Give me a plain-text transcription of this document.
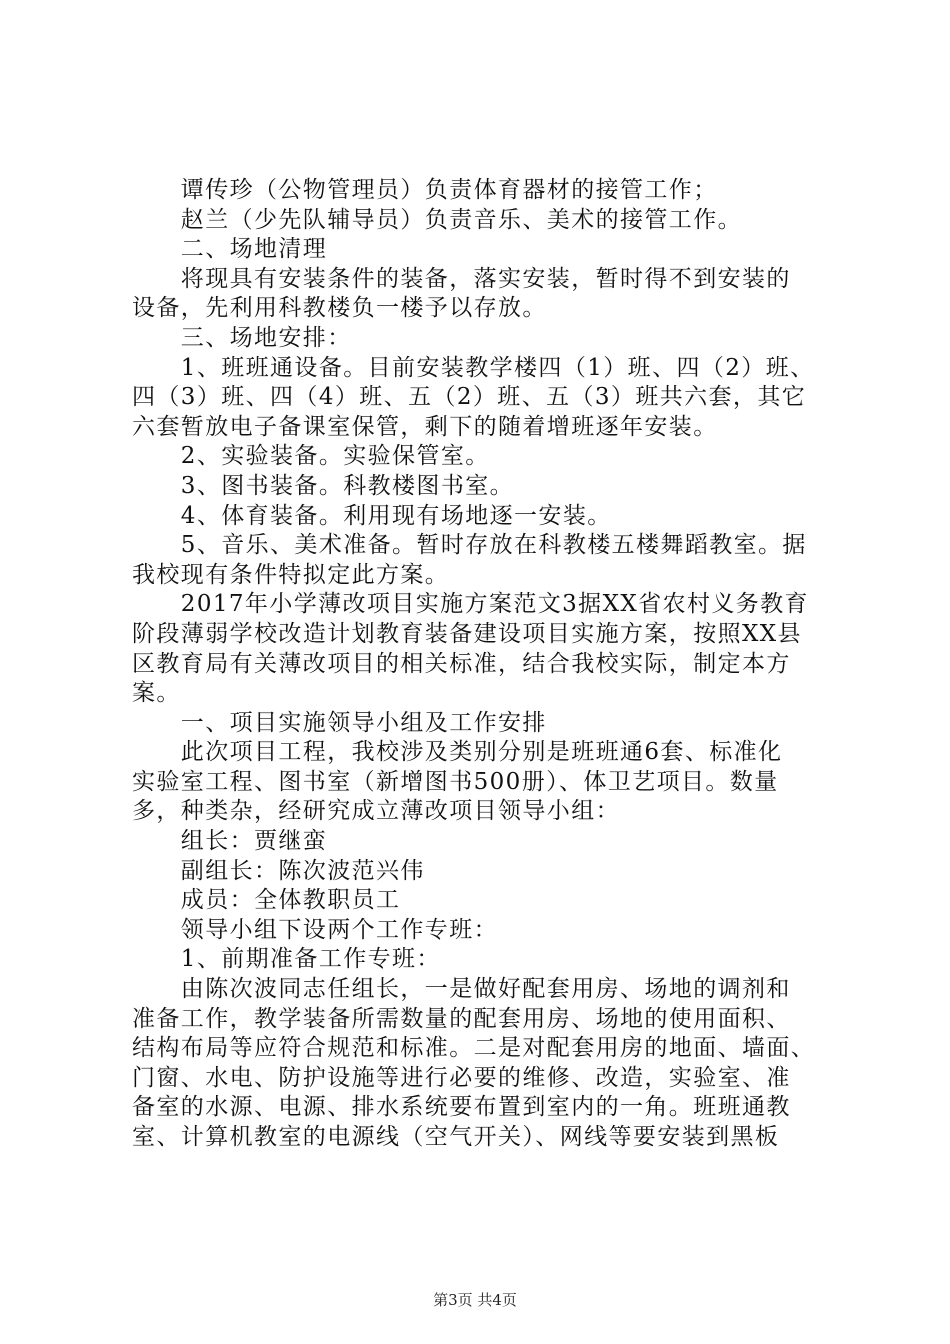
　　谭传珍（公物管理员）负责体育器材的接管工作；

　　赵兰（少先队辅导员）负责音乐、美术的接管工作。

　　二、场地清理

　　将现具有安装条件的装备，落实安装，暂时得不到安装的

设备，先利用科教楼负一楼予以存放。

　　三、场地安排：

　　1、班班通设备。目前安装教学楼四（1）班、四（2）班、

四（3）班、四（4）班、五（2）班、五（3）班共六套，其它

六套暂放电子备课室保管，剩下的随着增班逐年安装。

　　2、实验装备。实验保管室。

　　3、图书装备。科教楼图书室。

　　4、体育装备。利用现有场地逐一安装。

　　5、音乐、美术准备。暂时存放在科教楼五楼舞蹈教室。据

我校现有条件特拟定此方案。

　　2017年小学薄改项目实施方案范文3据XX省农村义务教育

阶段薄弱学校改造计划教育装备建设项目实施方案，按照XX县

区教育局有关薄改项目的相关标准，结合我校实际，制定本方

案。

　　一、项目实施领导小组及工作安排

　　此次项目工程，我校涉及类别分别是班班通6套、标准化

实验室工程、图书室（新增图书500册）、体卫艺项目。数量

多，种类杂，经研究成立薄改项目领导小组：

　　组长：贾继蛮

　　副组长：陈次波范兴伟

　　成员：全体教职员工

　　领导小组下设两个工作专班：

　　1、前期准备工作专班：

　　由陈次波同志任组长，一是做好配套用房、场地的调剂和

准备工作，教学装备所需数量的配套用房、场地的使用面积、

结构布局等应符合规范和标准。二是对配套用房的地面、墙面、

门窗、水电、防护设施等进行必要的维修、改造，实验室、准

备室的水源、电源、排水系统要布置到室内的一角。班班通教

室、计算机教室的电源线（空气开关）、网线等要安装到黑板

第3页 共4页
